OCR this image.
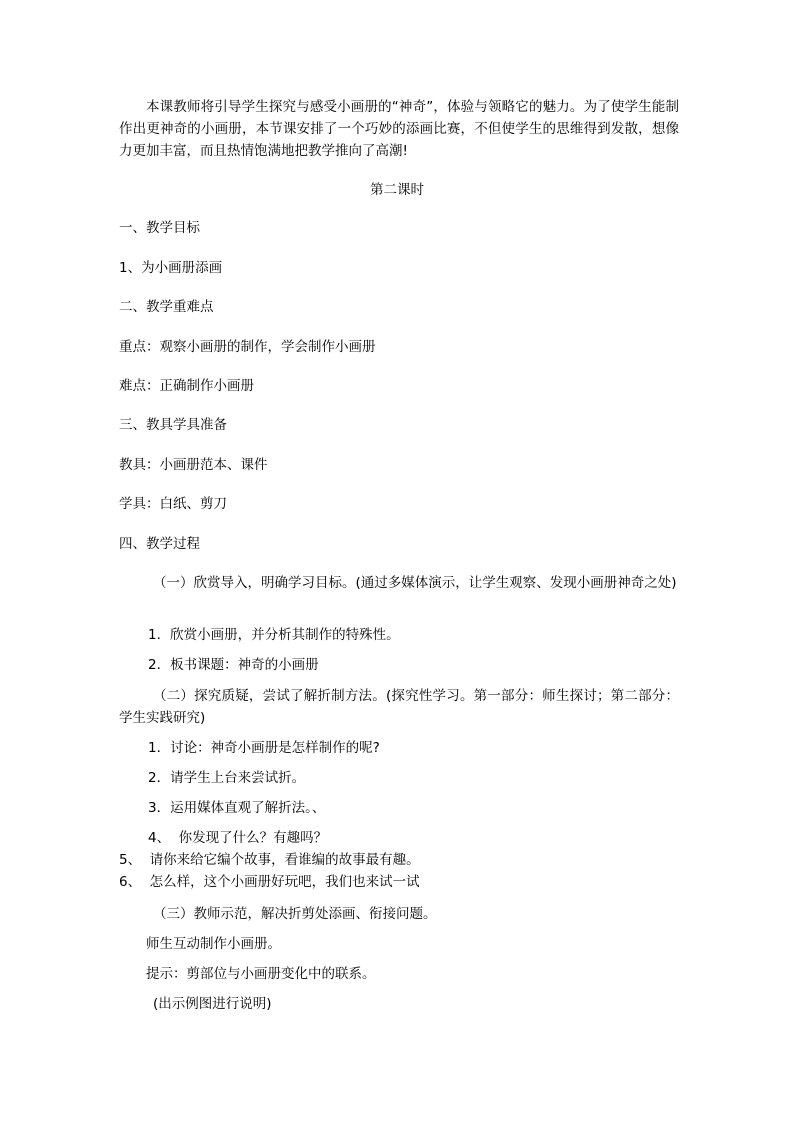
本课教师将引导学生探究与感受小画册的“神奇”，体验与领略它的魅力。为了使学生能制作出更神奇的小画册，本节课安排了一个巧妙的添画比赛，不但使学生的思维得到发散，想像力更加丰富，而且热情饱满地把教学推向了高潮!
第二课时
一、教学目标
1、为小画册添画
二、教学重难点
重点：观察小画册的制作，学会制作小画册
难点：正确制作小画册
三、教具学具准备
教具：小画册范本、课件
学具：白纸、剪刀
四、教学过程
（一）欣赏导入，明确学习目标。(通过多媒体演示，让学生观察、发现小画册神奇之处)
1．欣赏小画册，并分析其制作的特殊性。
2．板书课题：神奇的小画册
（二）探究质疑，尝试了解折制方法。(探究性学习。第一部分：师生探讨；第二部分：学生实践研究)
1．讨论：神奇小画册是怎样制作的呢?
2．请学生上台来尝试折。
3．运用媒体直观了解折法。、
4、  你发现了什么？有趣吗？
5、  请你来给它编个故事，看谁编的故事最有趣。
6、  怎么样，这个小画册好玩吧，我们也来试一试
（三）教师示范，解决折剪处添画、衔接问题。
师生互动制作小画册。
提示：剪部位与小画册变化中的联系。
(出示例图进行说明)
